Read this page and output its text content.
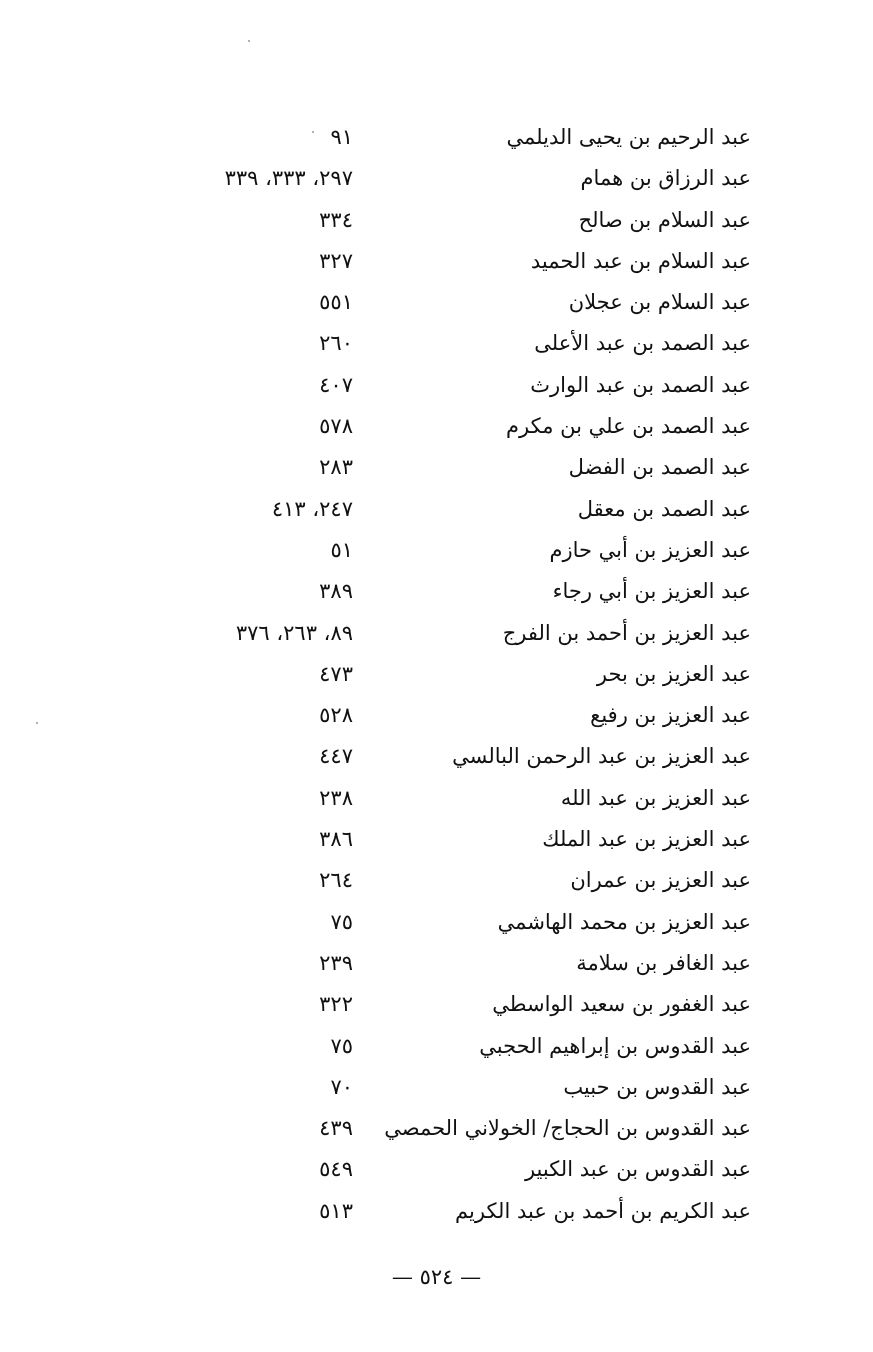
عبد الرحيم بن يحيى الديلمي
٩١
عبد الرزاق بن همام
٢٩٧، ٣٣٣، ٣٣٩
عبد السلام بن صالح
٣٣٤
عبد السلام بن عبد الحميد
٣٢٧
عبد السلام بن عجلان
٥٥١
عبد الصمد بن عبد الأعلى
٢٦٠
عبد الصمد بن عبد الوارث
٤٠٧
عبد الصمد بن علي بن مكرم
٥٧٨
عبد الصمد بن الفضل
٢٨٣
عبد الصمد بن معقل
٢٤٧، ٤١٣
عبد العزيز بن أبي حازم
٥١
عبد العزيز بن أبي رجاء
٣٨٩
عبد العزيز بن أحمد بن الفرج
٨٩، ٢٦٣، ٣٧٦
عبد العزيز بن بحر
٤٧٣
عبد العزيز بن رفيع
٥٢٨
عبد العزيز بن عبد الرحمن البالسي
٤٤٧
عبد العزيز بن عبد الله
٢٣٨
عبد العزيز بن عبد الملك
٣٨٦
عبد العزيز بن عمران
٢٦٤
عبد العزيز بن محمد الهاشمي
٧٥
عبد الغافر بن سلامة
٢٣٩
عبد الغفور بن سعيد الواسطي
٣٢٢
عبد القدوس بن إبراهيم الحجبي
٧٥
عبد القدوس بن حبيب
٧٠
عبد القدوس بن الحجاج/ الخولاني الحمصي
٤٣٩
عبد القدوس بن عبد الكبير
٥٤٩
عبد الكريم بن أحمد بن عبد الكريم
٥١٣
— ٥٢٤ —
